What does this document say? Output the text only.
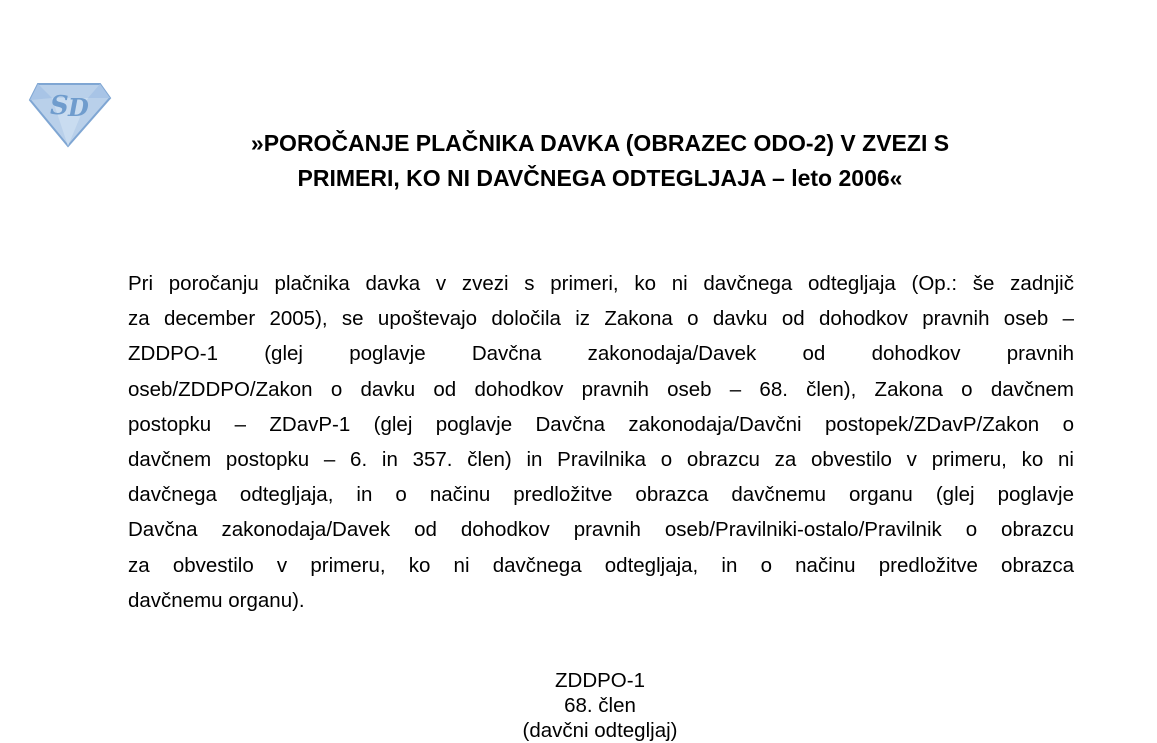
S D
»POROČANJE PLAČNIKA DAVKA (OBRAZEC ODO-2) V ZVEZI S
PRIMERI, KO NI DAVČNEGA ODTEGLJAJA – leto 2006«
Pri poročanju plačnika davka v zvezi s primeri, ko ni davčnega odtegljaja (Op.: še zadnjič
za december 2005), se upoštevajo določila iz Zakona o davku od dohodkov pravnih oseb –
ZDDPO-1 (glej poglavje Davčna zakonodaja/Davek od dohodkov pravnih
oseb/ZDDPO/Zakon o davku od dohodkov pravnih oseb – 68. člen), Zakona o davčnem
postopku – ZDavP-1 (glej poglavje Davčna zakonodaja/Davčni postopek/ZDavP/Zakon o
davčnem postopku – 6. in 357. člen) in Pravilnika o obrazcu za obvestilo v primeru, ko ni
davčnega odtegljaja, in o načinu predložitve obrazca davčnemu organu (glej poglavje
Davčna zakonodaja/Davek od dohodkov pravnih oseb/Pravilniki-ostalo/Pravilnik o obrazcu
za obvestilo v primeru, ko ni davčnega odtegljaja, in o načinu predložitve obrazca
davčnemu organu).
ZDDPO-1
68. člen
(davčni odtegljaj)
